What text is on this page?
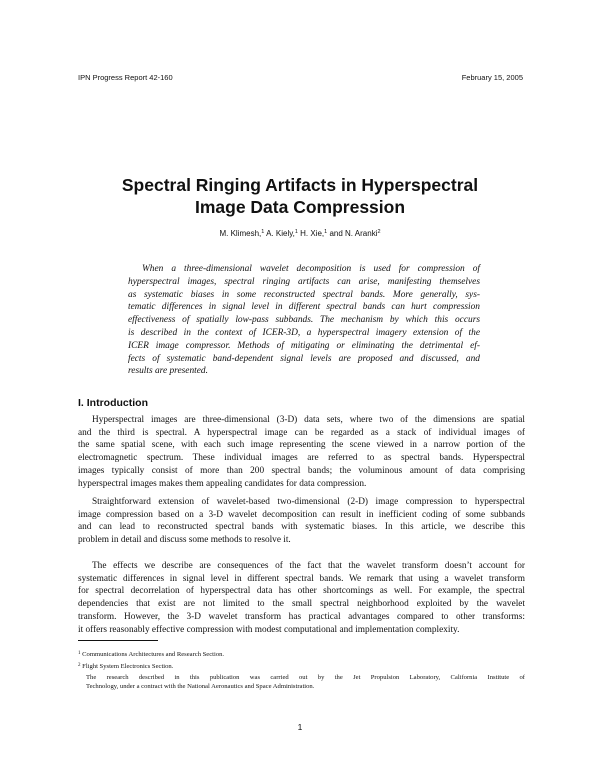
IPN Progress Report 42-160	February 15, 2005
Spectral Ringing Artifacts in Hyperspectral
Image Data Compression
M. Klimesh,$^1$ A. Kiely,$^1$ H. Xie,$^1$ and N. Aranki$^2$
When a three-dimensional wavelet decomposition is used for compression of
hyperspectral images, spectral ringing artifacts can arise, manifesting themselves
as systematic biases in some reconstructed spectral bands. More generally, sys-
tematic differences in signal level in different spectral bands can hurt compression
effectiveness of spatially low-pass subbands. The mechanism by which this occurs
is described in the context of ICER-3D, a hyperspectral imagery extension of the
ICER image compressor. Methods of mitigating or eliminating the detrimental ef-
fects of systematic band-dependent signal levels are proposed and discussed, and
results are presented.
I. Introduction
Hyperspectral images are three-dimensional (3-D) data sets, where two of the dimensions are spatial
and the third is spectral. A hyperspectral image can be regarded as a stack of individual images of
the same spatial scene, with each such image representing the scene viewed in a narrow portion of the
electromagnetic spectrum. These individual images are referred to as spectral bands. Hyperspectral
images typically consist of more than 200 spectral bands; the voluminous amount of data comprising
hyperspectral images makes them appealing candidates for data compression.
Straightforward extension of wavelet-based two-dimensional (2-D) image compression to hyperspectral
image compression based on a 3-D wavelet decomposition can result in inefficient coding of some subbands
and can lead to reconstructed spectral bands with systematic biases. In this article, we describe this
problem in detail and discuss some methods to resolve it.
The effects we describe are consequences of the fact that the wavelet transform doesn’t account for
systematic differences in signal level in different spectral bands. We remark that using a wavelet transform
for spectral decorrelation of hyperspectral data has other shortcomings as well. For example, the spectral
dependencies that exist are not limited to the small spectral neighborhood exploited by the wavelet
transform. However, the 3-D wavelet transform has practical advantages compared to other transforms:
it offers reasonably effective compression with modest computational and implementation complexity.
$^1$ Communications Architectures and Research Section.
$^2$ Flight System Electronics Section.
The research described in this publication was carried out by the Jet Propulsion Laboratory, California Institute of
Technology, under a contract with the National Aeronautics and Space Administration.
1
